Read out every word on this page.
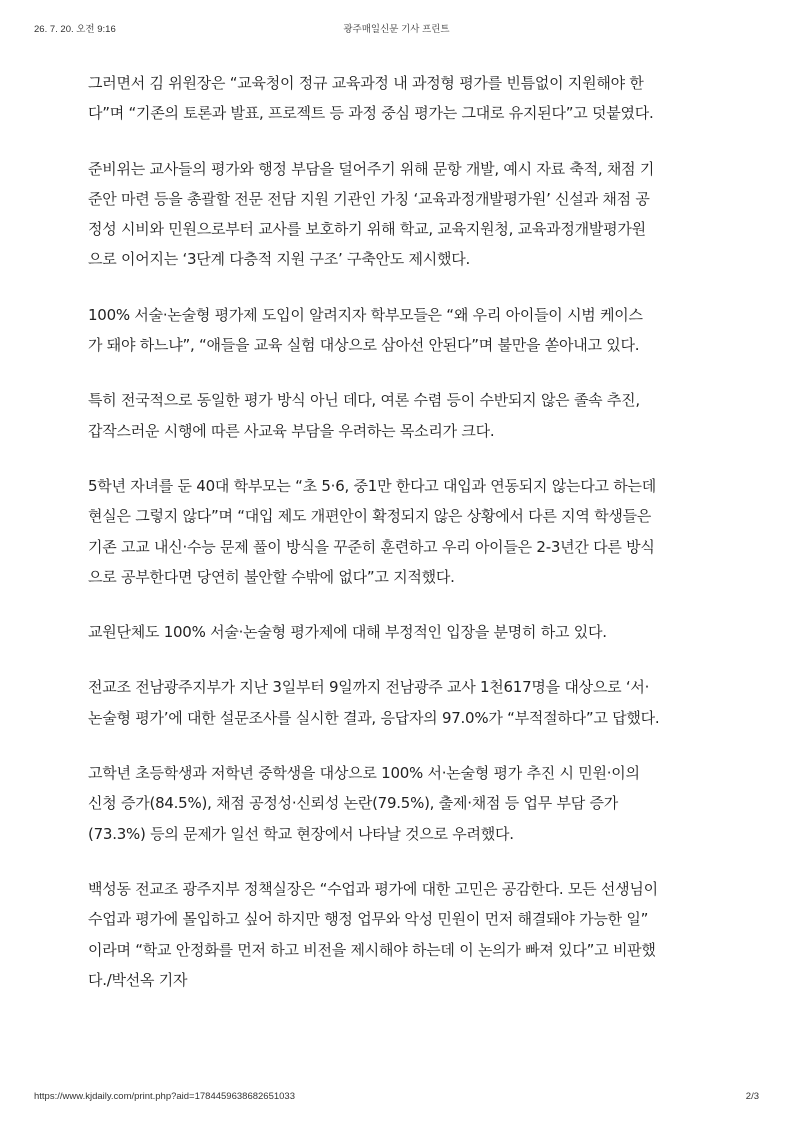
26. 7. 20. 오전 9:16	광주매일신문 기사 프린트

그러면서 김 위원장은 “교육청이 정규 교육과정 내 과정형 평가를 빈틈없이 지원해야 한
다”며 “기존의 토론과 발표, 프로젝트 등 과정 중심 평가는 그대로 유지된다”고 덧붙였다.

준비위는 교사들의 평가와 행정 부담을 덜어주기 위해 문항 개발, 예시 자료 축적, 채점 기
준안 마련 등을 총괄할 전문 전담 지원 기관인 가칭 ‘교육과정개발평가원’ 신설과 채점 공
정성 시비와 민원으로부터 교사를 보호하기 위해 학교, 교육지원청, 교육과정개발평가원
으로 이어지는 ‘3단계 다층적 지원 구조’ 구축안도 제시했다.

100% 서술·논술형 평가제 도입이 알려지자 학부모들은 “왜 우리 아이들이 시범 케이스
가 돼야 하느냐”, “애들을 교육 실험 대상으로 삼아선 안된다”며 불만을 쏟아내고 있다.

특히 전국적으로 동일한 평가 방식 아닌 데다, 여론 수렴 등이 수반되지 않은 졸속 추진,
갑작스러운 시행에 따른 사교육 부담을 우려하는 목소리가 크다.

5학년 자녀를 둔 40대 학부모는 “초 5·6, 중1만 한다고 대입과 연동되지 않는다고 하는데
현실은 그렇지 않다”며 “대입 제도 개편안이 확정되지 않은 상황에서 다른 지역 학생들은
기존 고교 내신·수능 문제 풀이 방식을 꾸준히 훈련하고 우리 아이들은 2-3년간 다른 방식
으로 공부한다면 당연히 불안할 수밖에 없다”고 지적했다.

교원단체도 100% 서술·논술형 평가제에 대해 부정적인 입장을 분명히 하고 있다.

전교조 전남광주지부가 지난 3일부터 9일까지 전남광주 교사 1천617명을 대상으로 ‘서·
논술형 평가’에 대한 설문조사를 실시한 결과, 응답자의 97.0%가 “부적절하다”고 답했다.

고학년 초등학생과 저학년 중학생을 대상으로 100% 서·논술형 평가 추진 시 민원·이의
신청 증가(84.5%), 채점 공정성·신뢰성 논란(79.5%), 출제·채점 등 업무 부담 증가
(73.3%) 등의 문제가 일선 학교 현장에서 나타날 것으로 우려했다.

백성동 전교조 광주지부 정책실장은 “수업과 평가에 대한 고민은 공감한다. 모든 선생님이
수업과 평가에 몰입하고 싶어 하지만 행정 업무와 악성 민원이 먼저 해결돼야 가능한 일”
이라며 “학교 안정화를 먼저 하고 비전을 제시해야 하는데 이 논의가 빠져 있다”고 비판했
다./박선옥 기자

https://www.kjdaily.com/print.php?aid=1784459638682651033	2/3
